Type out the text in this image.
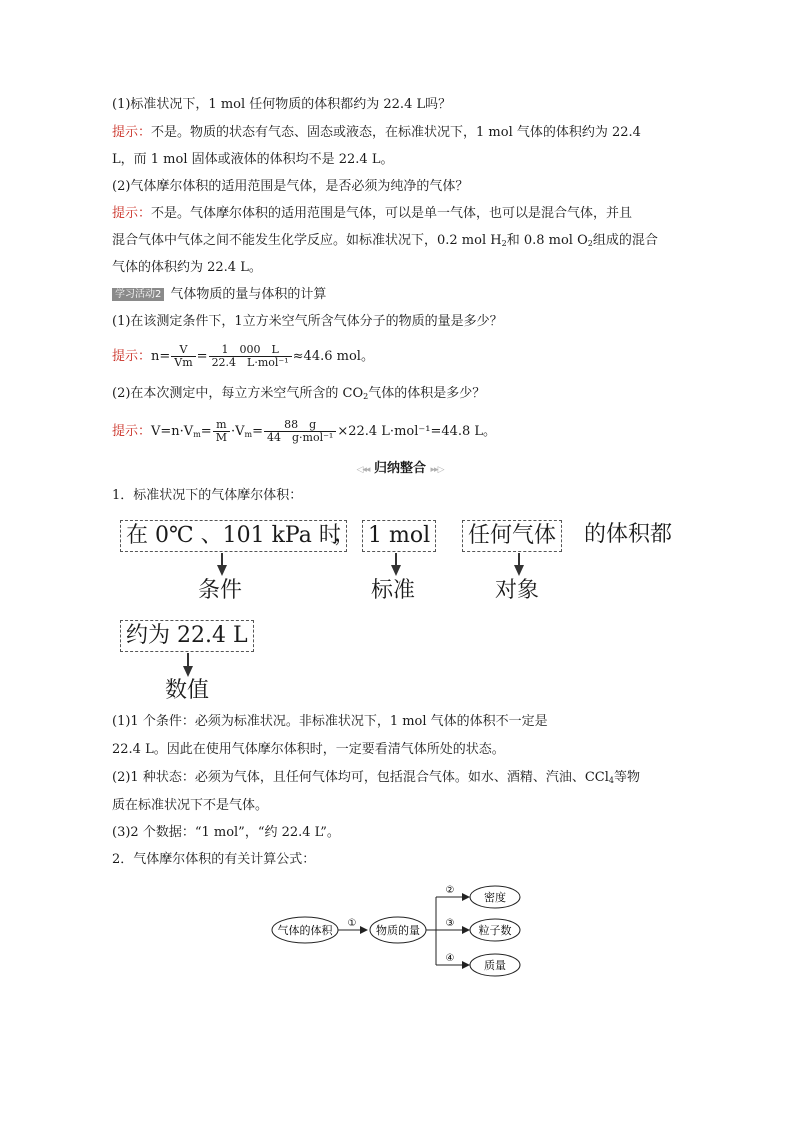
(1)标准状况下，1 mol 任何物质的体积都约为 22.4 L吗？
提示：不是。物质的状态有气态、固态或液态，在标准状况下，1 mol 气体的体积约为 22.4
L，而 1 mol 固体或液体的体积均不是 22.4 L。
(2)气体摩尔体积的适用范围是气体，是否必须为纯净的气体？
提示：不是。气体摩尔体积的适用范围是气体，可以是单一气体，也可以是混合气体，并且
混合气体中气体之间不能发生化学反应。如标准状况下，0.2 mol $H_2$和 0.8 mol $O_2$组成的混合
气体的体积约为 22.4 L。
学习活动2 气体物质的量与体积的计算
(1)在该测定条件下，1立方米空气所含气体分子的物质的量是多少？
提示：$n= \frac{V}{Vm} = \frac{1 000 L}{\text{22.4　L·mol⁻¹}} \approx 44.6$ mol。
(2)在本次测定中，每立方米空气所含的 $CO_2$气体的体积是多少？
提示：$V=n\cdot V_m= \frac{m}{M} \cdot V_m= \frac{88 g}{\text{44　g·mol⁻¹}} \times 22.4$ L·mol⁻¹=44.8 L。
◁◂◂ 归纳整合 ▸▸▷
1．标准状况下的气体摩尔体积：
在 0℃ 、101 kPa 时
， 1 mol 任何气体 的体积都
条件	标准	对象
约为 22.4 L
数值
(1)1 个条件：必须为标准状况。非标准状况下，1 mol 气体的体积不一定是
22.4 L。因此在使用气体摩尔体积时，一定要看清气体所处的状态。
(2)1 种状态：必须为气体，且任何气体均可，包括混合气体。如水、酒精、汽油、CCl$_4$等物
质在标准状况下不是气体。
(3)2 个数据：“1 mol”，“约 22.4 L”。
2．气体摩尔体积的有关计算公式：
气体的体积
①
物质的量
②
③
④
密度
粒子数
质量
